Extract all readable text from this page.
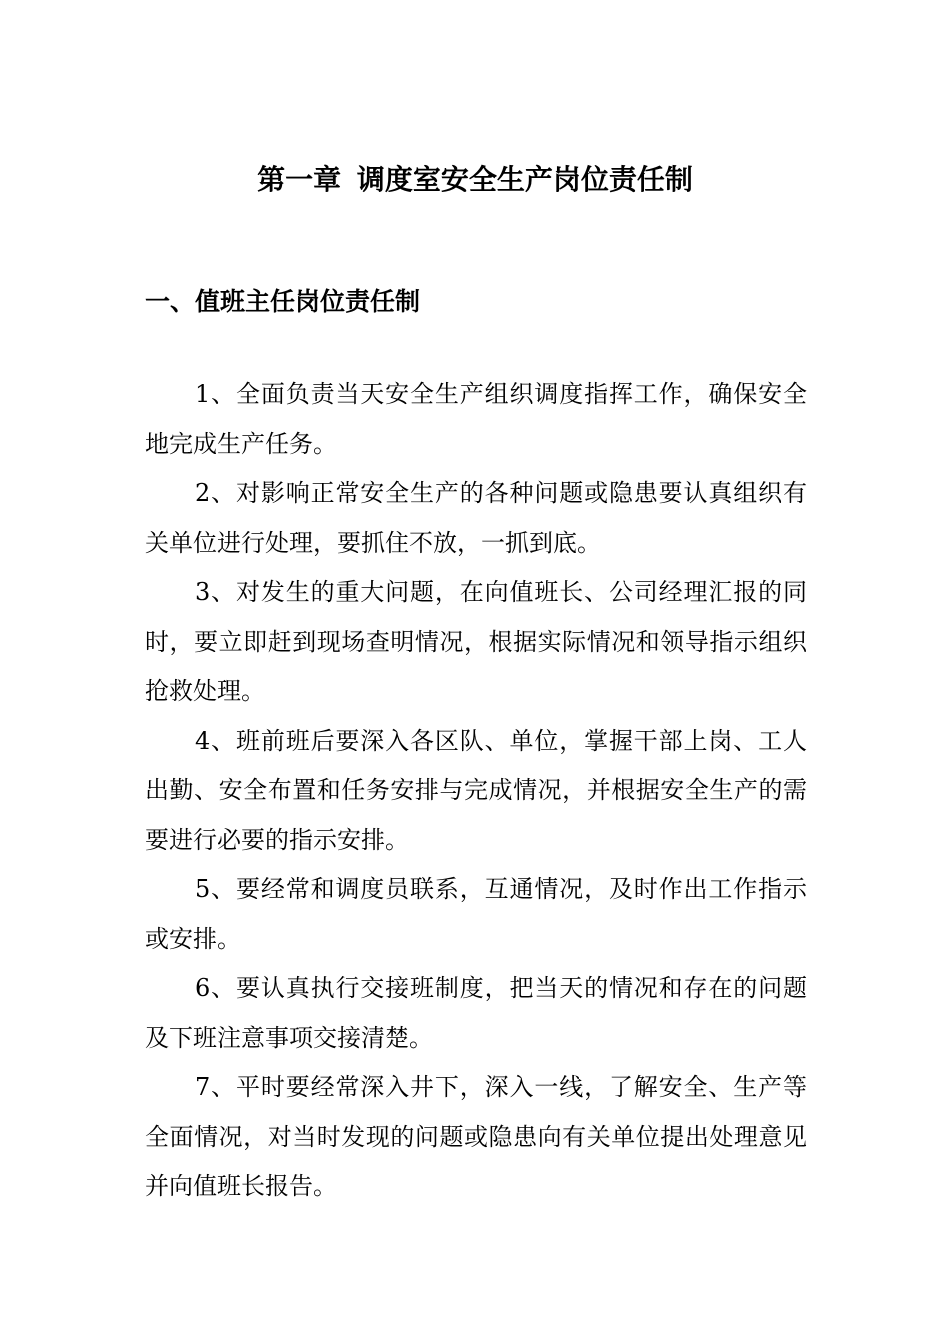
第一章 调度室安全生产岗位责任制
一、值班主任岗位责任制

1、全面负责当天安全生产组织调度指挥工作，确保安全地完成生产任务。

2、对影响正常安全生产的各种问题或隐患要认真组织有关单位进行处理，要抓住不放，一抓到底。

3、对发生的重大问题，在向值班长、公司经理汇报的同时，要立即赶到现场查明情况，根据实际情况和领导指示组织抢救处理。

4、班前班后要深入各区队、单位，掌握干部上岗、工人出勤、安全布置和任务安排与完成情况，并根据安全生产的需要进行必要的指示安排。

5、要经常和调度员联系，互通情况，及时作出工作指示或安排。

6、要认真执行交接班制度，把当天的情况和存在的问题及下班注意事项交接清楚。

7、平时要经常深入井下，深入一线，了解安全、生产等全面情况，对当时发现的问题或隐患向有关单位提出处理意见并向值班长报告。
